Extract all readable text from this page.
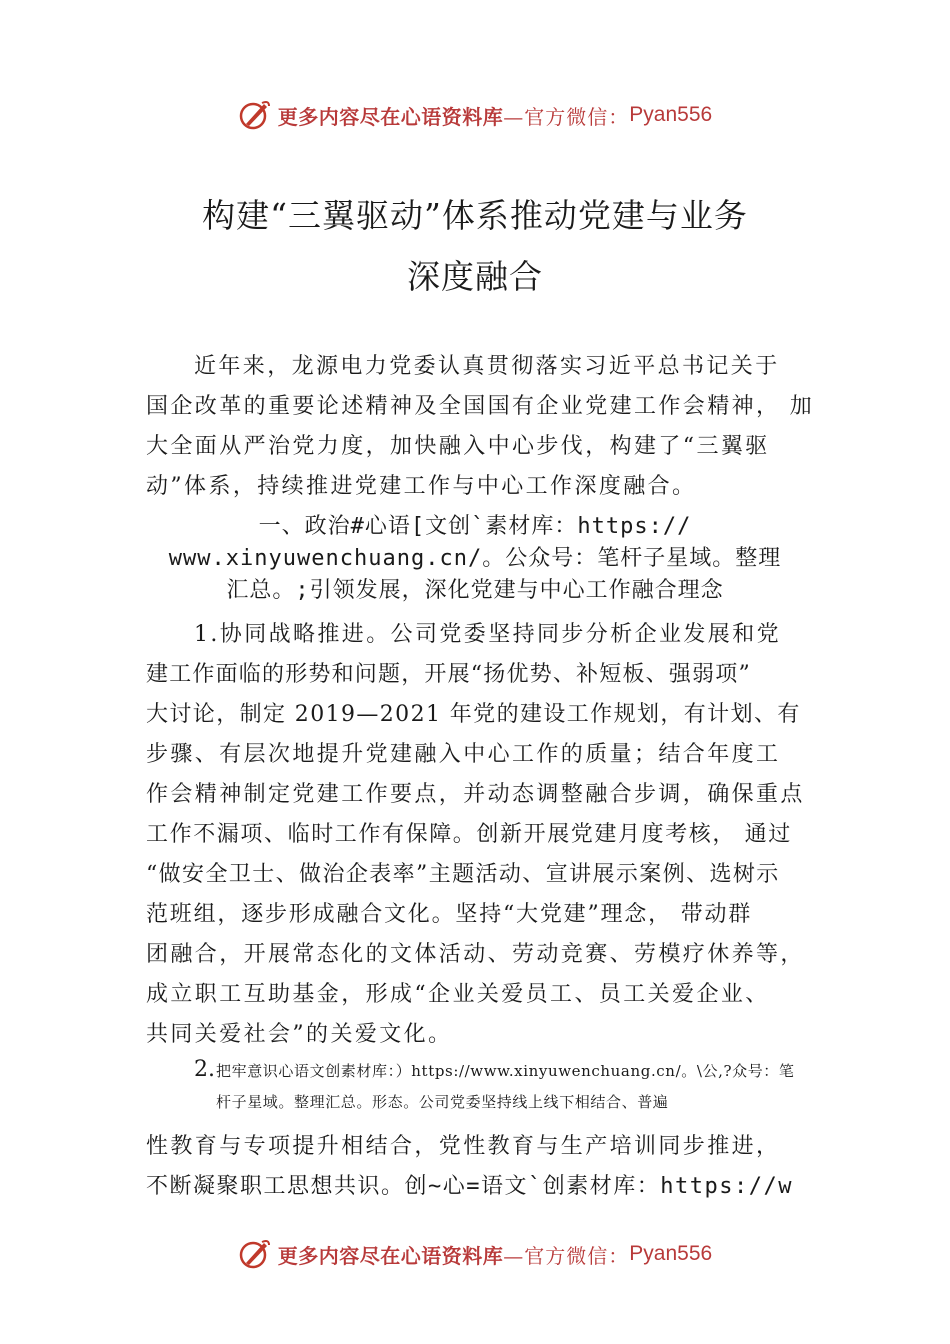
更多内容尽在心语资料库 —官方微信： Pyan556
构建“三翼驱动”体系推动党建与业务
深度融合
近年来，龙源电力党委认真贯彻落实习近平总书记关于
国企改革的重要论述精神及全国国有企业党建工作会精神， 加
大全面从严治党力度，加快融入中心步伐，构建了“三翼驱
动”体系，持续推进党建工作与中心工作深度融合。
一、政治#心语[文创`素材库：https://
www.xinyuwenchuang.cn/。公众号：笔杆子星域。整理
汇总。;引领发展，深化党建与中心工作融合理念
1.协同战略推进。公司党委坚持同步分析企业发展和党
建工作面临的形势和问题，开展“扬优势、补短板、强弱项”
大讨论，制定 2019—2021 年党的建设工作规划，有计划、有
步骤、有层次地提升党建融入中心工作的质量；结合年度工
作会精神制定党建工作要点，并动态调整融合步调，确保重点
工作不漏项、临时工作有保障。创新开展党建月度考核， 通过
“做安全卫士、做治企表率”主题活动、宣讲展示案例、选树示
范班组，逐步形成融合文化。坚持“大党建”理念， 带动群
团融合，开展常态化的文体活动、劳动竞赛、劳模疗休养等，
成立职工互助基金，形成“企业关爱员工、员工关爱企业、
共同关爱社会”的关爱文化。
2. 把牢意识心语文创素材库：）https://www.xinyuwenchuang.cn/。\公,?众号：笔
杆子星域。整理汇总。形态。公司党委坚持线上线下相结合、普遍
性教育与专项提升相结合，党性教育与生产培训同步推进，
不断凝聚职工思想共识。创~心=语文`创素材库：https://w
更多内容尽在心语资料库 —官方微信： Pyan556
